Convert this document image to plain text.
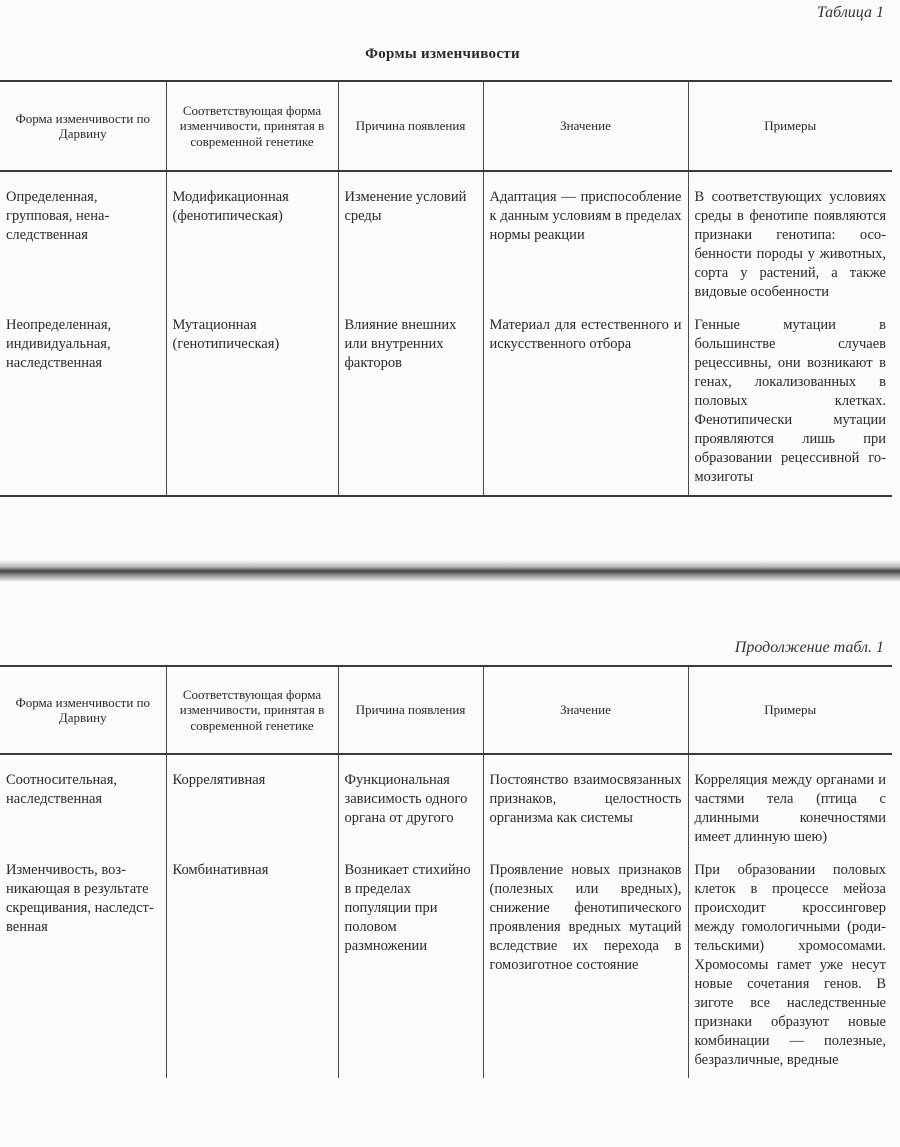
Таблица 1
Формы изменчивости
Форма изменчивости по Дарвину	Соответствующая форма изменчивости, принятая в современной генетике	Причина появления	Значение	Примеры
Определенная, групповая, ненаследственная	Модификационная (фенотипическая)	Изменение условий среды	Адаптация — приспособление к данным условиям в пределах нормы реакции	В соответствующих условиях среды в фенотипе появляются признаки генотипа: особенности породы у животных, сорта у растений, а также видовые особенности
Неопределенная, индивидуальная, наследственная	Мутационная (генотипическая)	Влияние внешних или внутренних факторов	Материал для естественного и искусственного отбора	Генные мутации в большинстве случаев рецессивны, они возникают в генах, локализованных в половых клетках. Фенотипически мутации проявляются лишь при образовании рецессивной гомозиготы
Продолжение табл. 1
Форма изменчивости по Дарвину	Соответствующая форма изменчивости, принятая в современной генетике	Причина появления	Значение	Примеры
Соотносительная, наследственная	Коррелятивная	Функциональная зависимость одного органа от другого	Постоянство взаимосвязанных признаков, целостность организма как системы	Корреляция между органами и частями тела (птица с длинными конечностями имеет длинную шею)
Изменчивость, возникающая в результате скрещивания, наследственная	Комбинативная	Возникает стихийно в пределах популяции при половом размножении	Проявление новых признаков (полезных или вредных), снижение фенотипического проявления вредных мутаций вследствие их перехода в гомозиготное состояние	При образовании половых клеток в процессе мейоза происходит кроссинговер между гомологичными (родительскими) хромосомами. Хромосомы гамет уже несут новые сочетания генов. В зиготе все наследственные признаки образуют новые комбинации — полезные, безразличные, вредные
